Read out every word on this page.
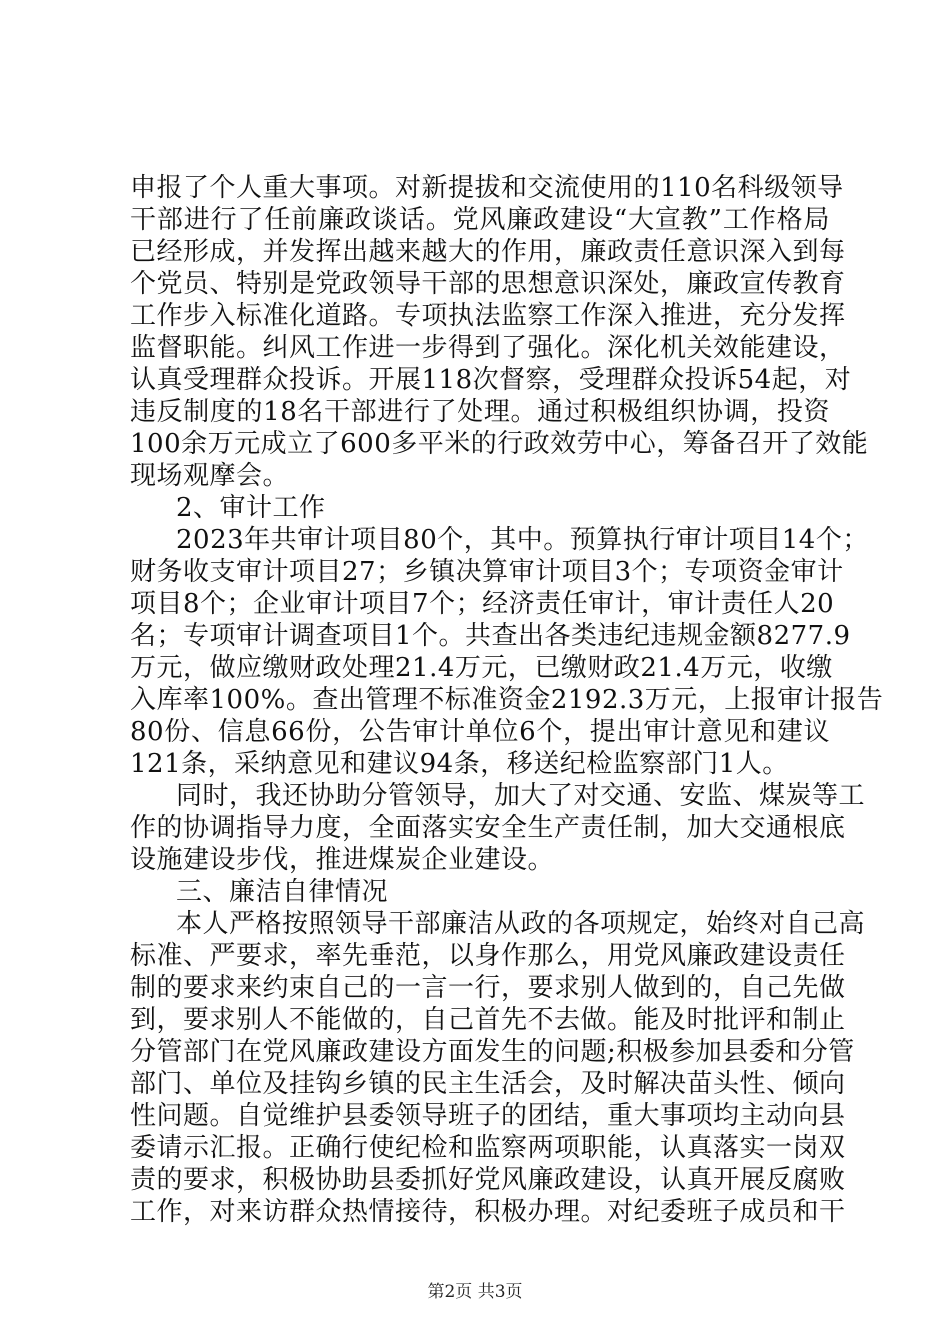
申报了个人重大事项。对新提拔和交流使用的110名科级领导
干部进行了任前廉政谈话。党风廉政建设“大宣教”工作格局
已经形成，并发挥出越来越大的作用，廉政责任意识深入到每
个党员、特别是党政领导干部的思想意识深处，廉政宣传教育
工作步入标准化道路。专项执法监察工作深入推进，充分发挥
监督职能。纠风工作进一步得到了强化。深化机关效能建设，
认真受理群众投诉。开展118次督察，受理群众投诉54起，对
违反制度的18名干部进行了处理。通过积极组织协调，投资
100余万元成立了600多平米的行政效劳中心，筹备召开了效能
现场观摩会。
2、审计工作
2023年共审计项目80个，其中。预算执行审计项目14个；
财务收支审计项目27；乡镇决算审计项目3个；专项资金审计
项目8个；企业审计项目7个；经济责任审计，审计责任人20
名；专项审计调查项目1个。共查出各类违纪违规金额8277.9
万元，做应缴财政处理21.4万元，已缴财政21.4万元，收缴
入库率100%。查出管理不标准资金2192.3万元，上报审计报告
80份、信息66份，公告审计单位6个，提出审计意见和建议
121条，采纳意见和建议94条，移送纪检监察部门1人。
同时，我还协助分管领导，加大了对交通、安监、煤炭等工
作的协调指导力度，全面落实安全生产责任制，加大交通根底
设施建设步伐，推进煤炭企业建设。
三、廉洁自律情况
本人严格按照领导干部廉洁从政的各项规定，始终对自己高
标准、严要求，率先垂范，以身作那么，用党风廉政建设责任
制的要求来约束自己的一言一行，要求别人做到的，自己先做
到，要求别人不能做的，自己首先不去做。能及时批评和制止
分管部门在党风廉政建设方面发生的问题;积极参加县委和分管
部门、单位及挂钩乡镇的民主生活会，及时解决苗头性、倾向
性问题。自觉维护县委领导班子的团结，重大事项均主动向县
委请示汇报。正确行使纪检和监察两项职能，认真落实一岗双
责的要求，积极协助县委抓好党风廉政建设，认真开展反腐败
工作，对来访群众热情接待，积极办理。对纪委班子成员和干
第2页 共3页
